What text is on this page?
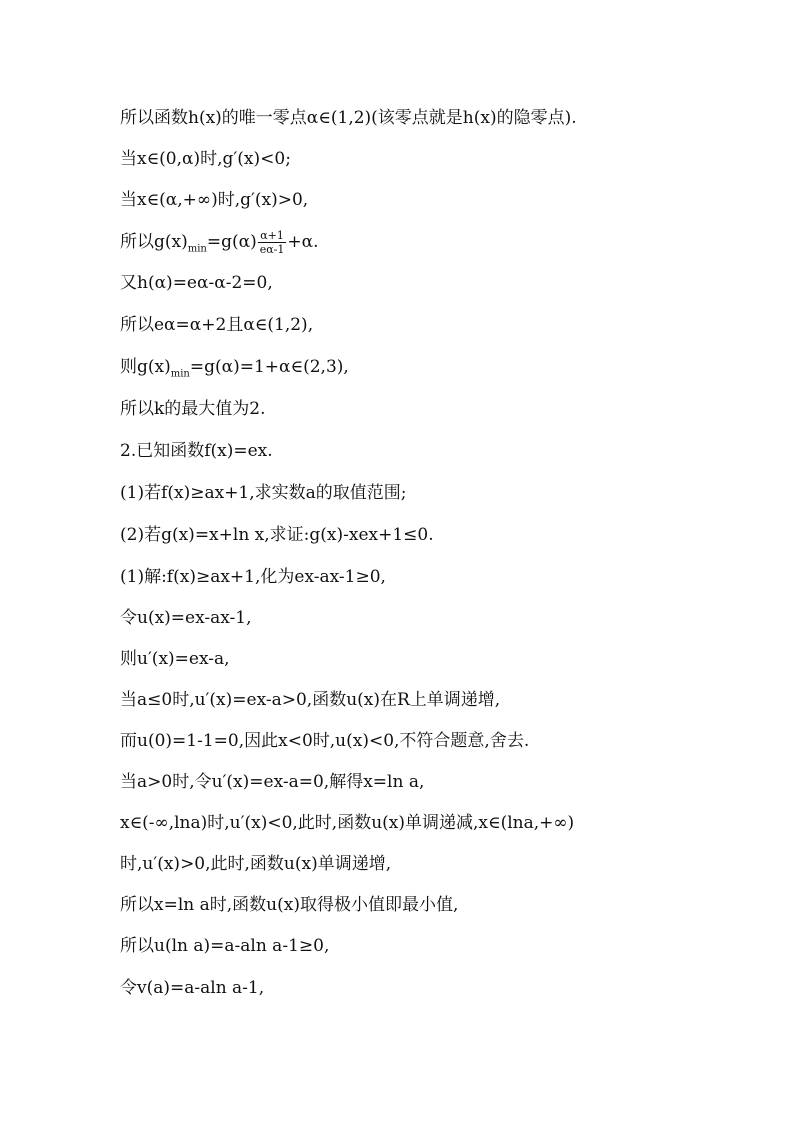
所以函数h(x)的唯一零点α∈(1,2)(该零点就是h(x)的隐零点).
当x∈(0,α)时,g′(x)<0;
当x∈(α,+∞)时,g′(x)>0,
所以$g(x)_{min}=g(\alpha) \frac{\alpha+1}{e\alpha-1} +\alpha$.
又h(α)=eα-α-2=0,
所以eα=α+2且α∈(1,2),
则$g(x)_{min}=g(\alpha)=1+\alpha\in(2,3)$,
所以k的最大值为2.
2.已知函数f(x)=ex.
(1)若f(x)≥ax+1,求实数a的取值范围;
(2)若g(x)=x+ln x,求证:g(x)-xex+1≤0.
(1)解:f(x)≥ax+1,化为ex-ax-1≥0,
令u(x)=ex-ax-1,
则u′(x)=ex-a,
当a≤0时,u′(x)=ex-a>0,函数u(x)在R上单调递增,
而u(0)=1-1=0,因此x<0时,u(x)<0,不符合题意,舍去.
当a>0时,令u′(x)=ex-a=0,解得x=ln a,
x∈(-∞,lna)时,u′(x)<0,此时,函数u(x)单调递减,x∈(lna,+∞)
时,u′(x)>0,此时,函数u(x)单调递增,
所以x=ln a时,函数u(x)取得极小值即最小值,
所以u(ln a)=a-aln a-1≥0,
令v(a)=a-aln a-1,
